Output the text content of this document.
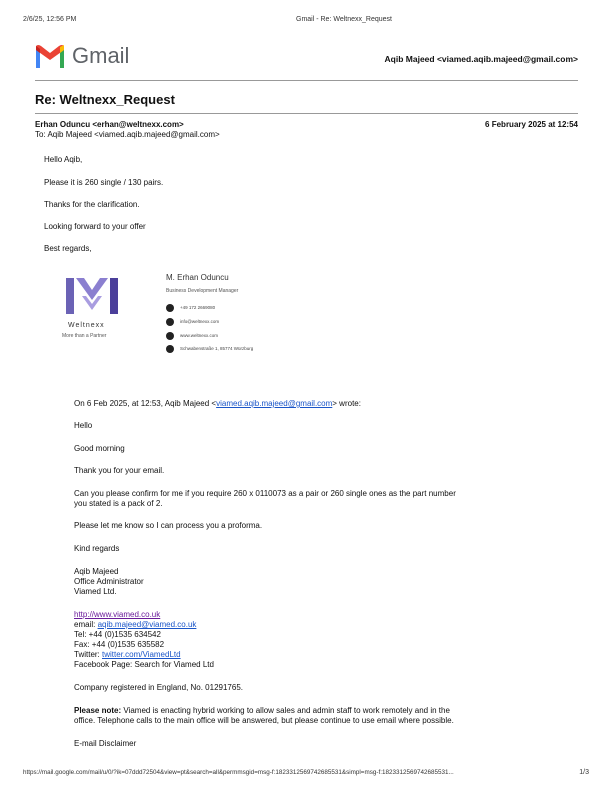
2/6/25, 12:56 PM	Gmail - Re: Weltnexx_Request
Gmail	Aqib Majeed <viamed.aqib.majeed@gmail.com>
Re: Weltnexx_Request
Erhan Oduncu <erhan@weltnexx.com>	6 February 2025 at 12:54
To: Aqib Majeed <viamed.aqib.majeed@gmail.com>
Hello Aqib,
Please it is 260 single / 130 pairs.
Thanks for the clarification.
Looking forward to your offer
Best regards,
Weltnexx
More than a Partner
M. Erhan Oduncu
Business Development Manager
+49 172 2669080
info@weltnexx.com
www.weltnexx.com
Schwabenstraße 1, 85774 Würzburg
On 6 Feb 2025, at 12:53, Aqib Majeed <viamed.aqib.majeed@gmail.com> wrote:
Hello
Good morning
Thank you for your email.
Can you please confirm for me if you require 260 x 0110073 as a pair or 260 single ones as the part number
you stated is a pack of 2.
Please let me know so I can process you a proforma.
Kind regards
Aqib Majeed
Office Administrator
Viamed Ltd.
http://www.viamed.co.uk
email: aqib.majeed@viamed.co.uk
Tel: +44 (0)1535 634542
Fax: +44 (0)1535 635582
Twitter: twitter.com/ViamedLtd
Facebook Page: Search for Viamed Ltd
Company registered in England, No. 01291765.
Please note: Viamed is enacting hybrid working to allow sales and admin staff to work remotely and in the
office. Telephone calls to the main office will be answered, but please continue to use email where possible.
E-mail Disclaimer
https://mail.google.com/mail/u/0/?ik=07ddd72504&view=pt&search=all&permmsgid=msg-f:1823312569742685531&simpl=msg-f:1823312569742685531...	1/3
